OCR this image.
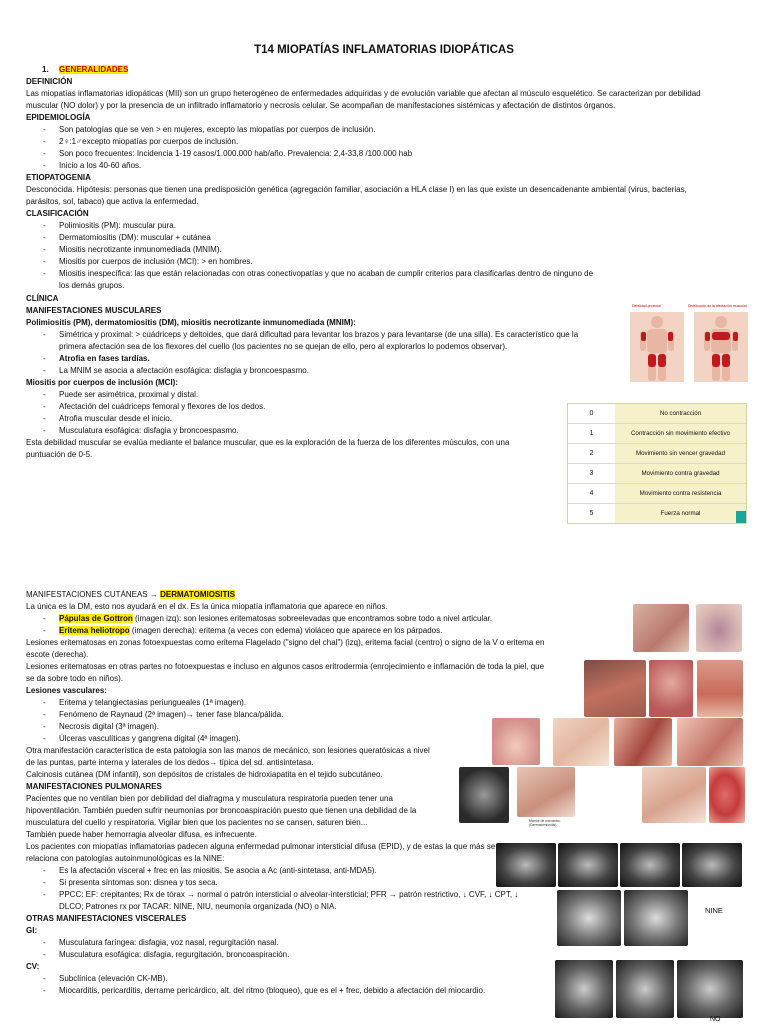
T14 MIOPATÍAS INFLAMATORIAS IDIOPÁTICAS
1. GENERALIDADES
DEFINICIÓN
Las miopatías inflamatorias idiopáticas (MII) son un grupo heterogéneo de enfermedades adquiridas y de evolución variable que afectan al músculo esquelético. Se caracterizan por debilidad
muscular (NO dolor) y por la presencia de un infiltrado inflamatorio y necrosis celular. Se acompañan de manifestaciones sistémicas y afectación de distintos órganos.
EPIDEMIOLOGÍA
- Son patologías que se ven > en mujeres, excepto las miopatías por cuerpos de inclusión.
- 2♀:1♂excepto miopatías por cuerpos de inclusión.
- Son poco frecuentes: Incidencia 1-19 casos/1.000.000 hab/año. Prevalencia: 2,4-33,8 /100.000 hab
- Inicio a los 40-60 años.
ETIOPATOGENIA
Desconocida. Hipótesis: personas que tienen una predisposición genética (agregación familiar, asociación a HLA clase I) en las que existe un desencadenante ambiental (virus, bacterias,
parásitos, sol, tabaco) que activa la enfermedad.
CLASIFICACIÓN
- Polimiositis (PM): muscular pura.
- Dermatomiositis (DM): muscular + cutánea
- Miositis necrotizante inmunomediada (MNIM).
- Miositis por cuerpos de inclusión (MCI): > en hombres.
- Miositis inespecífica: las que están relacionadas con otras conectivopatías y que no acaban de cumplir criterios para clasificarlas dentro de ninguno de
los demás grupos.
CLÍNICA
MANIFESTACIONES MUSCULARES
Polimiositis (PM), dermatomiositis (DM), miositis necrotizante inmunomediada (MNIM):
- Simétrica y proximal: > cuádriceps y deltoides, que dará dificultad para levantar los brazos y para levantarse (de una silla). Es característico que la
primera afectación sea de los flexores del cuello (los pacientes no se quejan de ello, pero al explorarlos lo podemos observar).
- Atrofia en fases tardías.
- La MNIM se asocia a afectación esofágica: disfagia y broncoespasmo.
Miositis por cuerpos de inclusión (MCI):
- Puede ser asimétrica, proximal y distal.
- Afectación del cuádriceps femoral y flexores de los dedos.
- Atrofia muscular desde el inicio.
- Musculatura esofágica: disfagia y broncoespasmo.
Esta debilidad muscular se evalúa mediante el balance muscular, que es la exploración de la fuerza de los diferentes músculos, con una
puntuación de 0-5.
Debilidad proximal	Distribución de la afectación muscular
0	No contracción
1	Contracción sin movimiento efectivo
2	Movimiento sin vencer gravedad
3	Movimiento contra gravedad
4	Movimiento contra resistencia
5	Fuerza normal
MANIFESTACIONES CUTÁNEAS → DERMATOMIOSITIS
La única es la DM, esto nos ayudará en el dx. Es la única miopatía inflamatoria que aparece en niños.
- Pápulas de Gottron (imagen izq): son lesiones eritematosas sobreelevadas que encontramos sobre todo a nivel articular.
- Eritema heliotropo (imagen derecha): eritema (a veces con edema) violáceo que aparece en los párpados.
Lesiones eritematosas en zonas fotoexpuestas como eritema Flagelado ("signo del chal") (izq), eritema facial (centro) o signo de la V o eritema en
escote (derecha).
Lesiones eritematosas en otras partes no fotoexpuestas e incluso en algunos casos eritrodermia (enrojecimiento e inflamación de toda la piel, que
se da sobre todo en niños).
Lesiones vasculares:
- Eritema y telangiectasias periungueales (1ª imagen).
- Fenómeno de Raynaud (2ª imagen)→ tener fase blanca/pálida.
- Necrosis digital (3ª imagen).
- Úlceras vasculíticas y gangrena digital (4ª imagen).
Otra manifestación característica de esta patología son las manos de mecánico, son lesiones queratósicas a nivel
de las puntas, parte interna y laterales de los dedos→ típica del sd. antisintetasa.
Calcinosis cutánea (DM infantil), son depósitos de cristales de hidroxiapatita en el tejido subcutáneo.
MANIFESTACIONES PULMONARES
Pacientes que no ventilan bien por debilidad del diafragma y musculatura respiratoria pueden tener una
hipoventilación. También pueden sufrir neumonías por broncoaspiración puesto que tienen una debilidad de la
musculatura del cuello y respiratoria. Vigilar bien que los pacientes no se cansen, saturen bien...
También puede haber hemorragia alveolar difusa, es infrecuente.
Los pacientes con miopatías inflamatorias padecen alguna enfermedad pulmonar intersticial difusa (EPID), y de estas la que más se
relaciona con patologías autoinmunológicas es la NINE:
- Es la afectación visceral + frec en las miositis. Se asocia a Ac (anti-sintetasa, anti-MDA5).
- Si presenta síntomas son: disnea y tos seca.
- PPCC: EF: crepitantes; Rx de tórax → normal o patrón intersticial o alveolar-intersticial; PFR → patrón restrictivo, ↓ CVF, ↓ CPT, ↓
DLCO; Patrones rx por TACAR: NINE, NIU, neumonía organizada (NO) o NIA.
OTRAS MANIFESTACIONES VISCERALES
GI:
- Musculatura faríngea: disfagia, voz nasal, regurgitación nasal.
- Musculatura esofágica: disfagia, regurgitación, broncoaspiración.
CV:
- Subclínica (elevación CK-MB).
- Miocarditis, pericarditis, derrame pericárdico, alt. del ritmo (bloqueo), que es el + frec, debido a afectación del miocardio.
Manos de mecánico (Dermatomiositis)
NINE
NO
